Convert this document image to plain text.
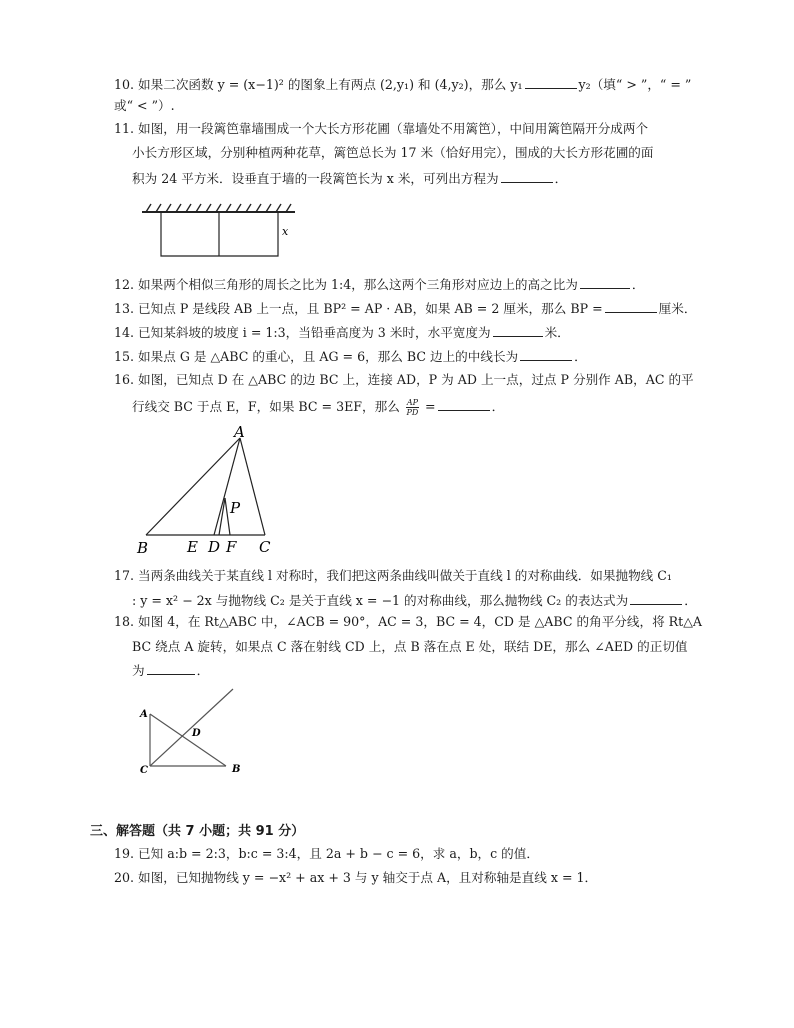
10. 如果二次函数 y = (x−1)² 的图象上有两点 (2,y₁) 和 (4,y₂)，那么 y₁	y₂（填“ > ”，“ = ”
或“ < ”）.
11. 如图，用一段篱笆靠墙围成一个大长方形花圃（靠墙处不用篱笆），中间用篱笆隔开分成两个
小长方形区域，分别种植两种花草，篱笆总长为 17 米（恰好用完），围成的大长方形花圃的面
积为 24 平方米．设垂直于墙的一段篱笆长为 x 米，可列出方程为	．
x
12. 如果两个相似三角形的周长之比为 1:4，那么这两个三角形对应边上的高之比为	．
13. 已知点 P 是线段 AB 上一点，且 BP² = AP · AB，如果 AB = 2 厘米，那么 BP =	厘米．
14. 已知某斜坡的坡度 i = 1:3，当铅垂高度为 3 米时，水平宽度为	米．
15. 如果点 G 是 △ABC 的重心，且 AG = 6，那么 BC 边上的中线长为	．
16. 如图，已知点 D 在 △ABC 的边 BC 上，连接 AD，P 为 AD 上一点，过点 P 分别作 AB，AC 的平
行线交 BC 于点 E，F，如果 BC = 3EF，那么 $\frac{AP}{PD}$ =	．
A
B	C
D
E F
P
17. 当两条曲线关于某直线 l 对称时，我们把这两条曲线叫做关于直线 l 的对称曲线．如果抛物线 C₁
: y = x² − 2x 与抛物线 C₂ 是关于直线 x = −1 的对称曲线，那么抛物线 C₂ 的表达式为	．
18. 如图 4，在 Rt△ABC 中，∠ACB = 90°，AC = 3，BC = 4，CD 是 △ABC 的角平分线，将 Rt△A
BC 绕点 A 旋转，如果点 C 落在射线 CD 上，点 B 落在点 E 处，联结 DE，那么 ∠AED 的正切值
为	．
A
C	B
D
三、解答题（共 7 小题；共 91 分）
19. 已知 a:b = 2:3，b:c = 3:4，且 2a + b − c = 6，求 a，b，c 的值．
20. 如图，已知抛物线 y = −x² + ax + 3 与 y 轴交于点 A，且对称轴是直线 x = 1．
